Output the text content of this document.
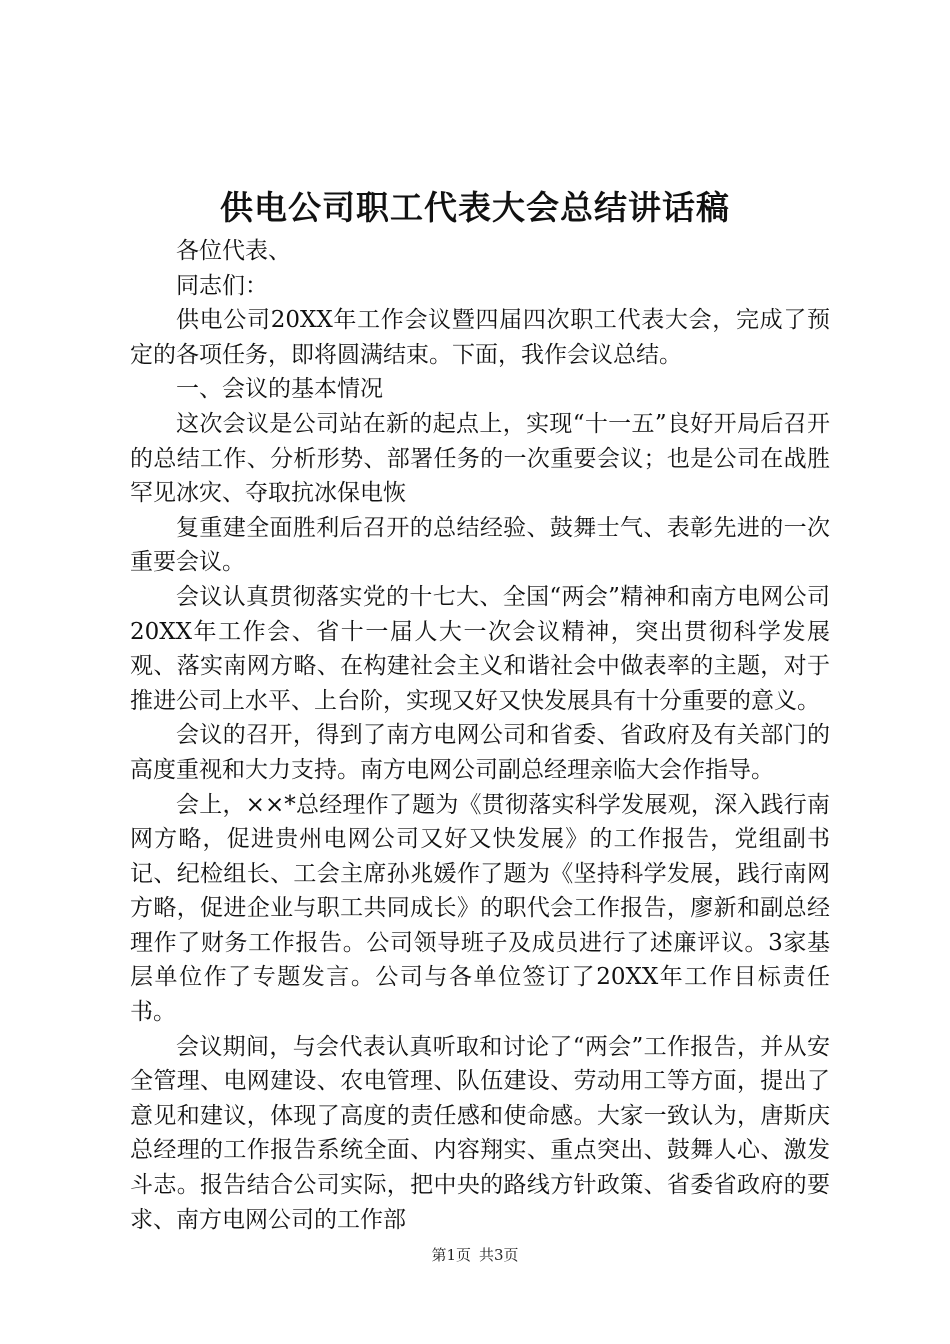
供电公司职工代表大会总结讲话稿

各位代表、

同志们：

供电公司20XX年工作会议暨四届四次职工代表大会，完成了预定的各项任务，即将圆满结束。下面，我作会议总结。

一、会议的基本情况

这次会议是公司站在新的起点上，实现“十一五”良好开局后召开的总结工作、分析形势、部署任务的一次重要会议；也是公司在战胜罕见冰灾、夺取抗冰保电恢

复重建全面胜利后召开的总结经验、鼓舞士气、表彰先进的一次重要会议。

会议认真贯彻落实党的十七大、全国“两会”精神和南方电网公司20XX年工作会、省十一届人大一次会议精神，突出贯彻科学发展观、落实南网方略、在构建社会主义和谐社会中做表率的主题，对于推进公司上水平、上台阶，实现又好又快发展具有十分重要的意义。

会议的召开，得到了南方电网公司和省委、省政府及有关部门的高度重视和大力支持。南方电网公司副总经理亲临大会作指导。

会上，××*总经理作了题为《贯彻落实科学发展观，深入践行南网方略，促进贵州电网公司又好又快发展》的工作报告，党组副书记、纪检组长、工会主席孙兆媛作了题为《坚持科学发展，践行南网方略，促进企业与职工共同成长》的职代会工作报告，廖新和副总经理作了财务工作报告。公司领导班子及成员进行了述廉评议。3家基层单位作了专题发言。公司与各单位签订了20XX年工作目标责任书。

会议期间，与会代表认真听取和讨论了“两会”工作报告，并从安全管理、电网建设、农电管理、队伍建设、劳动用工等方面，提出了意见和建议，体现了高度的责任感和使命感。大家一致认为，唐斯庆总经理的工作报告系统全面、内容翔实、重点突出、鼓舞人心、激发斗志。报告结合公司实际，把中央的路线方针政策、省委省政府的要求、南方电网公司的工作部

第1页 共3页
